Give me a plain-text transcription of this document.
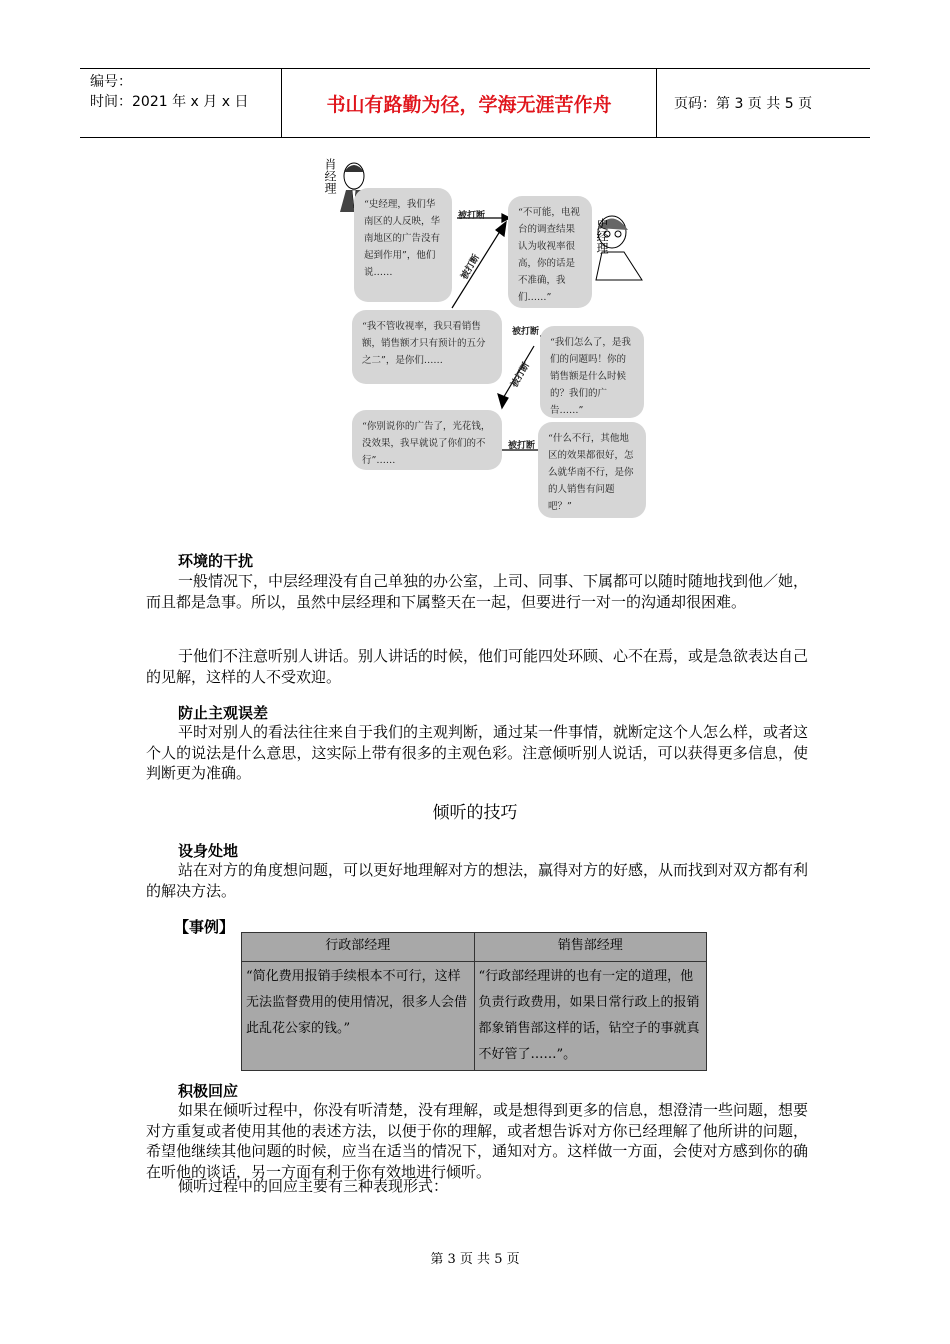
编号：
时间：2021 年 x 月 x 日	书山有路勤为径，学海无涯苦作舟	页码：第 3 页 共 5 页
肖经理
史经理
“史经理，我们华南区的人反映，华南地区的广告没有起到作用”，他们说……
“不可能，电视台的调查结果认为收视率很高，你的话是不准确，我们……”
“我不管收视率，我只看销售额，销售额才只有预计的五分之二”，是你们……
“我们怎么了，是我们的问题吗！你的销售额是什么时候的？我们的广告……”
“你别说你的广告了，光花钱，没效果，我早就说了你们的不行”……
“什么不行，其他地区的效果都很好，怎么就华南不行，是你的人销售有问题吧？”
被打断
被打断
被打断
被打断
被打断
环境的干扰
一般情况下，中层经理没有自己单独的办公室，上司、同事、下属都可以随时随地找到他／她，而且都是急事。所以，虽然中层经理和下属整天在一起，但要进行一对一的沟通却很困难。
于他们不注意听别人讲话。别人讲话的时候，他们可能四处环顾、心不在焉，或是急欲表达自己的见解，这样的人不受欢迎。
防止主观误差
平时对别人的看法往往来自于我们的主观判断，通过某一件事情，就断定这个人怎么样，或者这个人的说法是什么意思，这实际上带有很多的主观色彩。注意倾听别人说话，可以获得更多信息，使判断更为准确。
倾听的技巧
设身处地
站在对方的角度想问题，可以更好地理解对方的想法，赢得对方的好感，从而找到对双方都有利的解决方法。
【事例】
行政部经理	销售部经理
“简化费用报销手续根本不可行，这样无法监督费用的使用情况，很多人会借此乱花公家的钱。”	“行政部经理讲的也有一定的道理，他负责行政费用，如果日常行政上的报销都象销售部这样的话，钻空子的事就真不好管了……”。
积极回应
如果在倾听过程中，你没有听清楚，没有理解，或是想得到更多的信息，想澄清一些问题，想要对方重复或者使用其他的表述方法，以便于你的理解，或者想告诉对方你已经理解了他所讲的问题，希望他继续其他问题的时候，应当在适当的情况下，通知对方。这样做一方面，会使对方感到你的确在听他的谈话，另一方面有利于你有效地进行倾听。
倾听过程中的回应主要有三种表现形式：
第 3 页 共 5 页
